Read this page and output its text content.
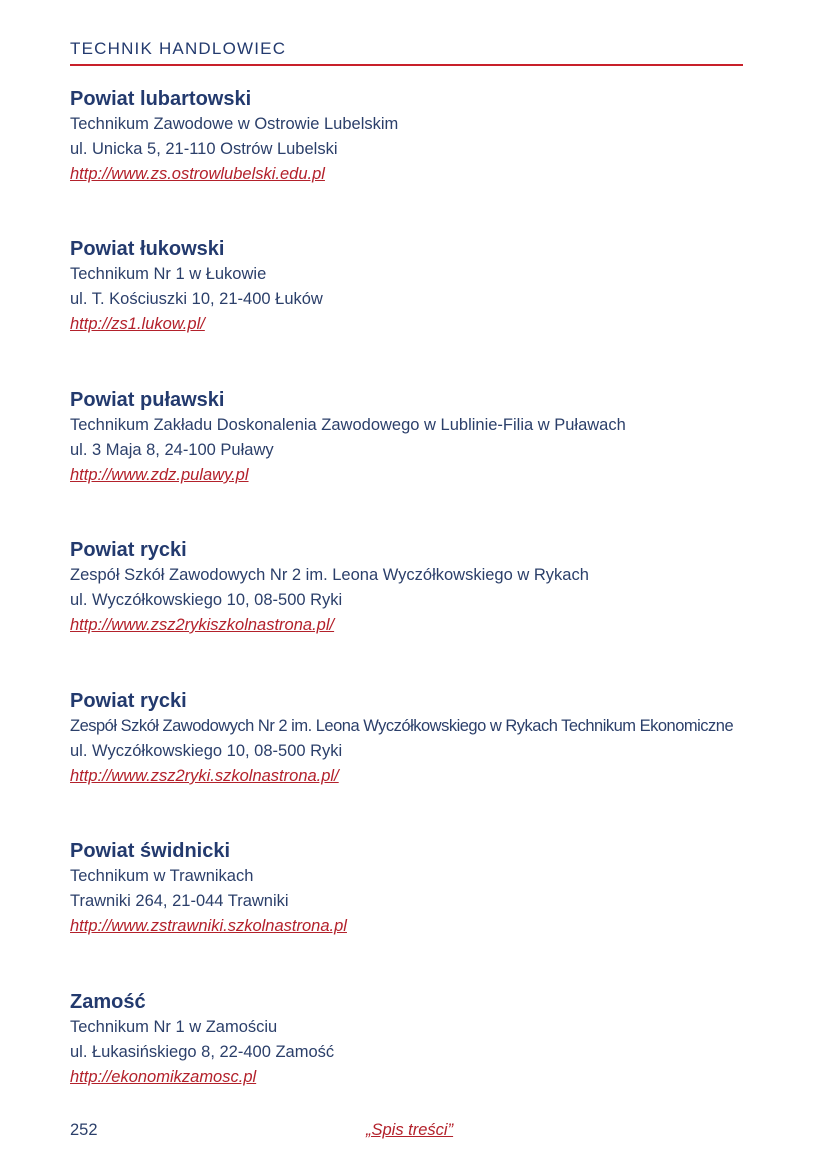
TECHNIK HANDLOWIEC
Powiat lubartowski
Technikum Zawodowe w Ostrowie Lubelskim
ul. Unicka 5, 21-110 Ostrów Lubelski
http://www.zs.ostrowlubelski.edu.pl
Powiat łukowski
Technikum Nr 1 w Łukowie
ul. T. Kościuszki 10, 21-400 Łuków
http://zs1.lukow.pl/
Powiat puławski
Technikum Zakładu Doskonalenia Zawodowego w Lublinie-Filia w Puławach
ul. 3 Maja 8, 24-100 Puławy
http://www.zdz.pulawy.pl
Powiat rycki
Zespół Szkół Zawodowych Nr 2 im. Leona Wyczółkowskiego w Rykach
ul. Wyczółkowskiego 10, 08-500 Ryki
http://www.zsz2rykiszkolnastrona.pl/
Powiat rycki
Zespół Szkół Zawodowych Nr 2 im. Leona Wyczółkowskiego w Rykach Technikum Ekonomiczne
ul. Wyczółkowskiego 10, 08-500 Ryki
http://www.zsz2ryki.szkolnastrona.pl/
Powiat świdnicki
Technikum w Trawnikach
Trawniki 264, 21-044 Trawniki
http://www.zstrawniki.szkolnastrona.pl
Zamość
Technikum Nr 1 w Zamościu
ul. Łukasińskiego 8, 22-400 Zamość
http://ekonomikzamosc.pl
252	„Spis treści”
